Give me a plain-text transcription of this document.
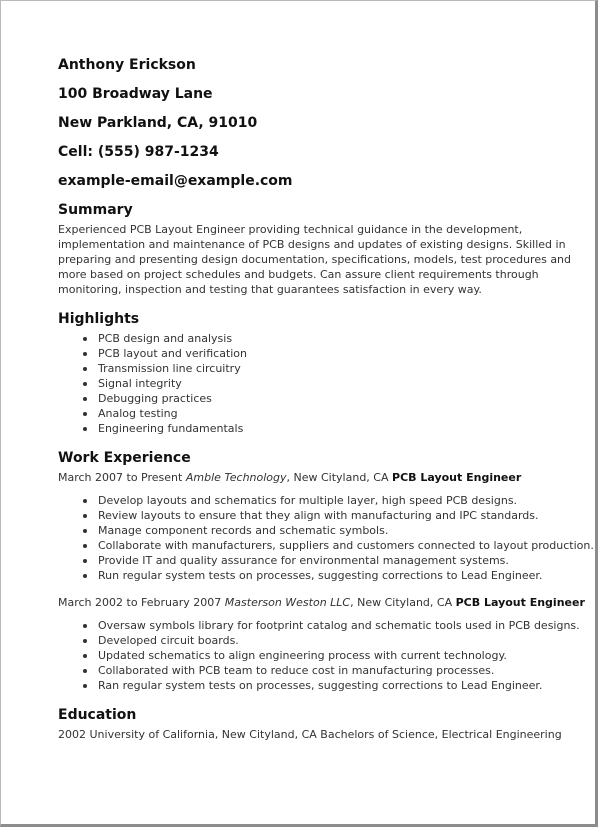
Anthony Erickson
100 Broadway Lane
New Parkland, CA, 91010
Cell: (555) 987-1234
example-email@example.com
Summary

Experienced PCB Layout Engineer providing technical guidance in the development, implementation and maintenance of PCB designs and updates of existing designs. Skilled in preparing and presenting design documentation, specifications, models, test procedures and more based on project schedules and budgets. Can assure client requirements through monitoring, inspection and testing that guarantees satisfaction in every way.

Highlights
PCB design and analysis
PCB layout and verification
Transmission line circuitry
Signal integrity
Debugging practices
Analog testing
Engineering fundamentals
Work Experience
March 2007 to Present Amble Technology, New Cityland, CA PCB Layout Engineer
Develop layouts and schematics for multiple layer, high speed PCB designs.
Review layouts to ensure that they align with manufacturing and IPC standards.
Manage component records and schematic symbols.
Collaborate with manufacturers, suppliers and customers connected to layout production.
Provide IT and quality assurance for environmental management systems.
Run regular system tests on processes, suggesting corrections to Lead Engineer.
March 2002 to February 2007 Masterson Weston LLC, New Cityland, CA PCB Layout Engineer
Oversaw symbols library for footprint catalog and schematic tools used in PCB designs.
Developed circuit boards.
Updated schematics to align engineering process with current technology.
Collaborated with PCB team to reduce cost in manufacturing processes.
Ran regular system tests on processes, suggesting corrections to Lead Engineer.
Education
2002 University of California, New Cityland, CA Bachelors of Science, Electrical Engineering
